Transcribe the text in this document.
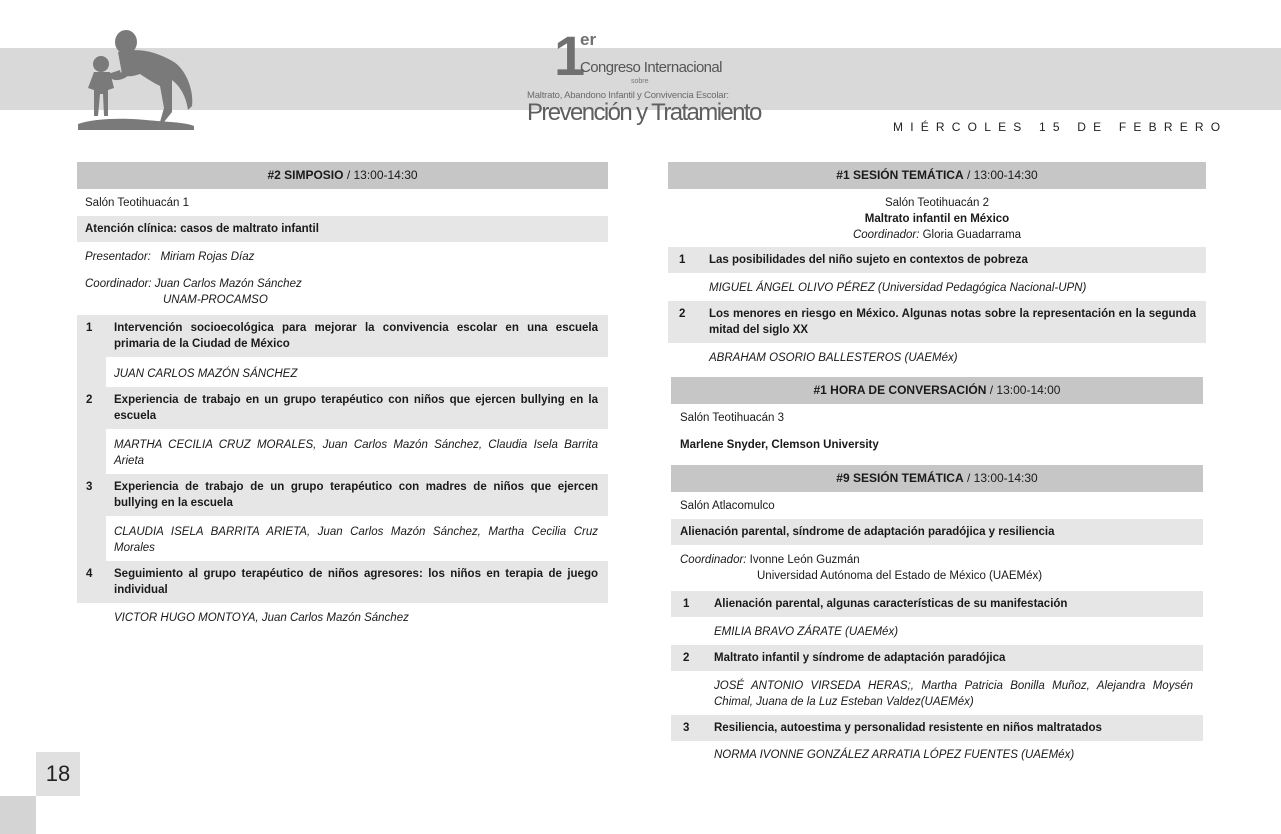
1
er
Congreso Internacional
sobre
Maltrato, Abandono Infantil y Convivencia Escolar:
Prevención y Tratamiento
MIÉRCOLES 15 DE FEBRERO
#2 SIMPOSIO / 13:00-14:30
Salón Teotihuacán 1
Atención clínica: casos de maltrato infantil
Presentador: Miriam Rojas Díaz
Coordinador: Juan Carlos Mazón Sánchez
UNAM-PROCAMSO
1	Intervención socioecológica para mejorar la convivencia escolar en una escuela primaria de la Ciudad de México
JUAN CARLOS MAZÓN SÁNCHEZ
2	Experiencia de trabajo en un grupo terapéutico con niños que ejercen bullying en la escuela
MARTHA CECILIA CRUZ MORALES, Juan Carlos Mazón Sánchez, Claudia Isela Barrita Arieta
3	Experiencia de trabajo de un grupo terapéutico con madres de niños que ejercen bullying en la escuela
CLAUDIA ISELA BARRITA ARIETA, Juan Carlos Mazón Sánchez, Martha Cecilia Cruz Morales
4	Seguimiento al grupo terapéutico de niños agresores: los niños en terapia de juego individual
VICTOR HUGO MONTOYA, Juan Carlos Mazón Sánchez
#1 SESIÓN TEMÁTICA / 13:00-14:30
Salón Teotihuacán 2
Maltrato infantil en México
Coordinador: Gloria Guadarrama
1	Las posibilidades del niño sujeto en contextos de pobreza
MIGUEL ÁNGEL OLIVO PÉREZ (Universidad Pedagógica Nacional-UPN)
2	Los menores en riesgo en México. Algunas notas sobre la representación en la segunda mitad del siglo XX
ABRAHAM OSORIO BALLESTEROS (UAEMéx)
#1 HORA DE CONVERSACIÓN / 13:00-14:00
Salón Teotihuacán 3
Marlene Snyder, Clemson University
#9 SESIÓN TEMÁTICA / 13:00-14:30
Salón Atlacomulco
Alienación parental, síndrome de adaptación paradójica y resiliencia
Coordinador: Ivonne León Guzmán
Universidad Autónoma del Estado de México (UAEMéx)
1	Alienación parental, algunas características de su manifestación
EMILIA BRAVO ZÁRATE (UAEMéx)
2	Maltrato infantil y síndrome de adaptación paradójica
JOSÉ ANTONIO VIRSEDA HERAS;, Martha Patricia Bonilla Muñoz, Alejandra Moysén Chimal, Juana de la Luz Esteban Valdez(UAEMéx)
3	Resiliencia, autoestima y personalidad resistente en niños maltratados
NORMA IVONNE GONZÁLEZ ARRATIA LÓPEZ FUENTES (UAEMéx)
18
